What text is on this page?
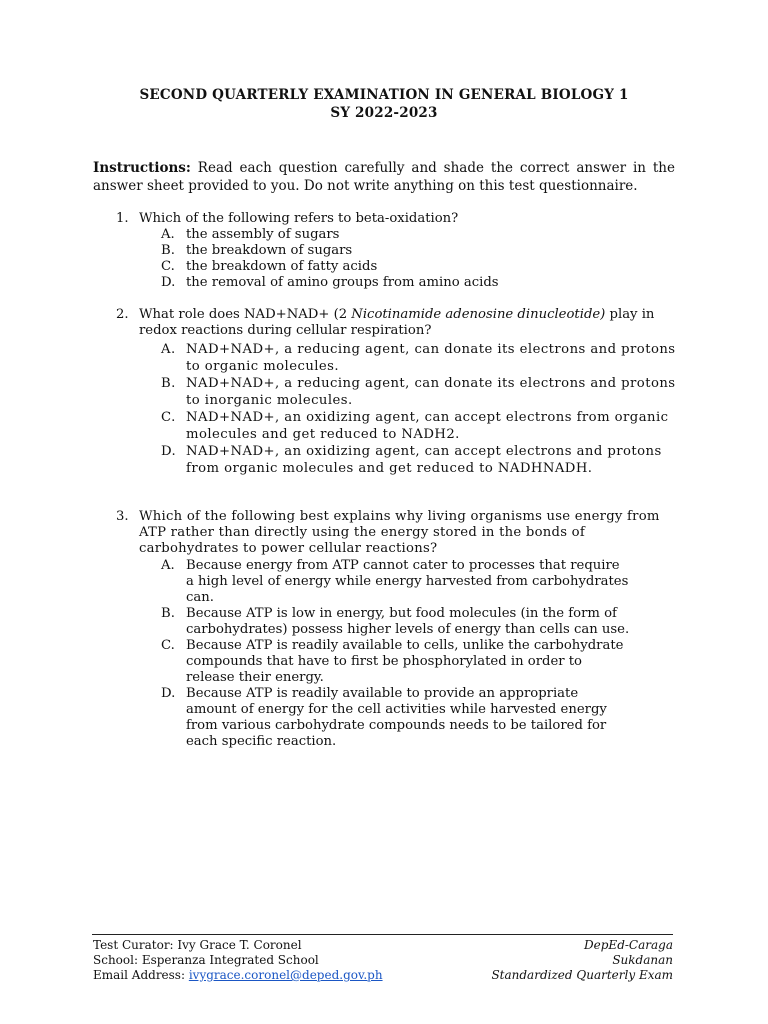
SECOND QUARTERLY EXAMINATION IN GENERAL BIOLOGY 1
SY 2022-2023

Instructions: Read each question carefully and shade the correct answer in the answer sheet provided to you. Do not write anything on this test questionnaire.

1. Which of the following refers to beta-oxidation?
A. the assembly of sugars
B. the breakdown of sugars
C. the breakdown of fatty acids
D. the removal of amino groups from amino acids
2. What role does NAD+NAD+ (2 Nicotinamide adenosine dinucleotide) play in redox reactions during cellular respiration?
A. NAD+NAD+, a reducing agent, can donate its electrons and protons to organic molecules.
B. NAD+NAD+, a reducing agent, can donate its electrons and protons to inorganic molecules.
C. NAD+NAD+, an oxidizing agent, can accept electrons from organic molecules and get reduced to NADH2.
D. NAD+NAD+, an oxidizing agent, can accept electrons and protons from organic molecules and get reduced to NADHNADH.
3. Which of the following best explains why living organisms use energy from ATP rather than directly using the energy stored in the bonds of carbohydrates to power cellular reactions?
A. Because energy from ATP cannot cater to processes that require a high level of energy while energy harvested from carbohydrates can.
B. Because ATP is low in energy, but food molecules (in the form of carbohydrates) possess higher levels of energy than cells can use.
C. Because ATP is readily available to cells, unlike the carbohydrate compounds that have to first be phosphorylated in order to release their energy.
D. Because ATP is readily available to provide an appropriate amount of energy for the cell activities while harvested energy from various carbohydrate compounds needs to be tailored for each specific reaction.
Test Curator: Ivy Grace T. Coronel
School: Esperanza Integrated School
Email Address: ivygrace.coronel@deped.gov.ph
DepEd-Caraga
Sukdanan
Standardized Quarterly Exam
